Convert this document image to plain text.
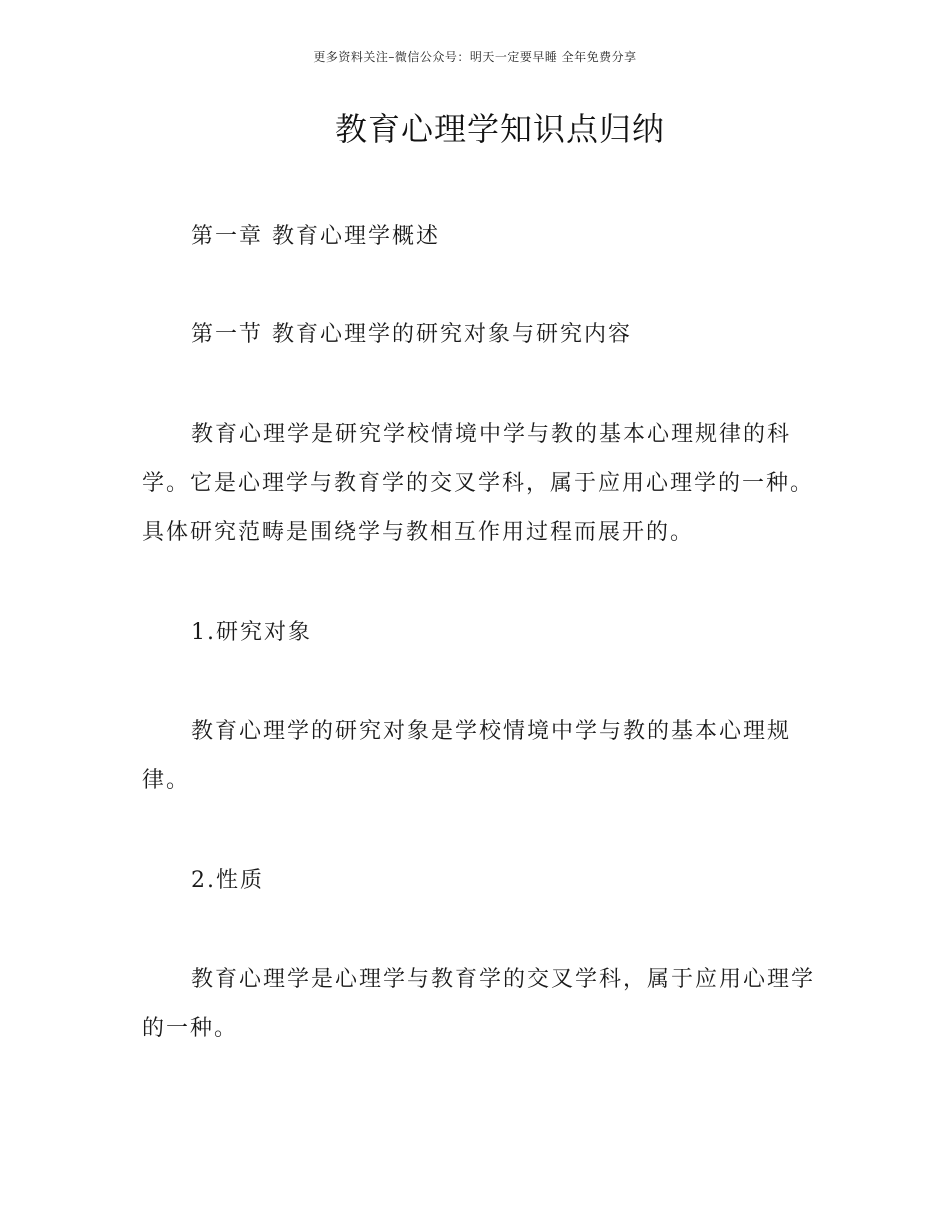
更多资料关注–微信公众号：明天一定要早睡 全年免费分享
教育心理学知识点归纳
第一章 教育心理学概述
第一节 教育心理学的研究对象与研究内容
教育心理学是研究学校情境中学与教的基本心理规律的科学。它是心理学与教育学的交叉学科，属于应用心理学的一种。具体研究范畴是围绕学与教相互作用过程而展开的。
1.研究对象
教育心理学的研究对象是学校情境中学与教的基本心理规律。
2.性质
教育心理学是心理学与教育学的交叉学科，属于应用心理学的一种。
